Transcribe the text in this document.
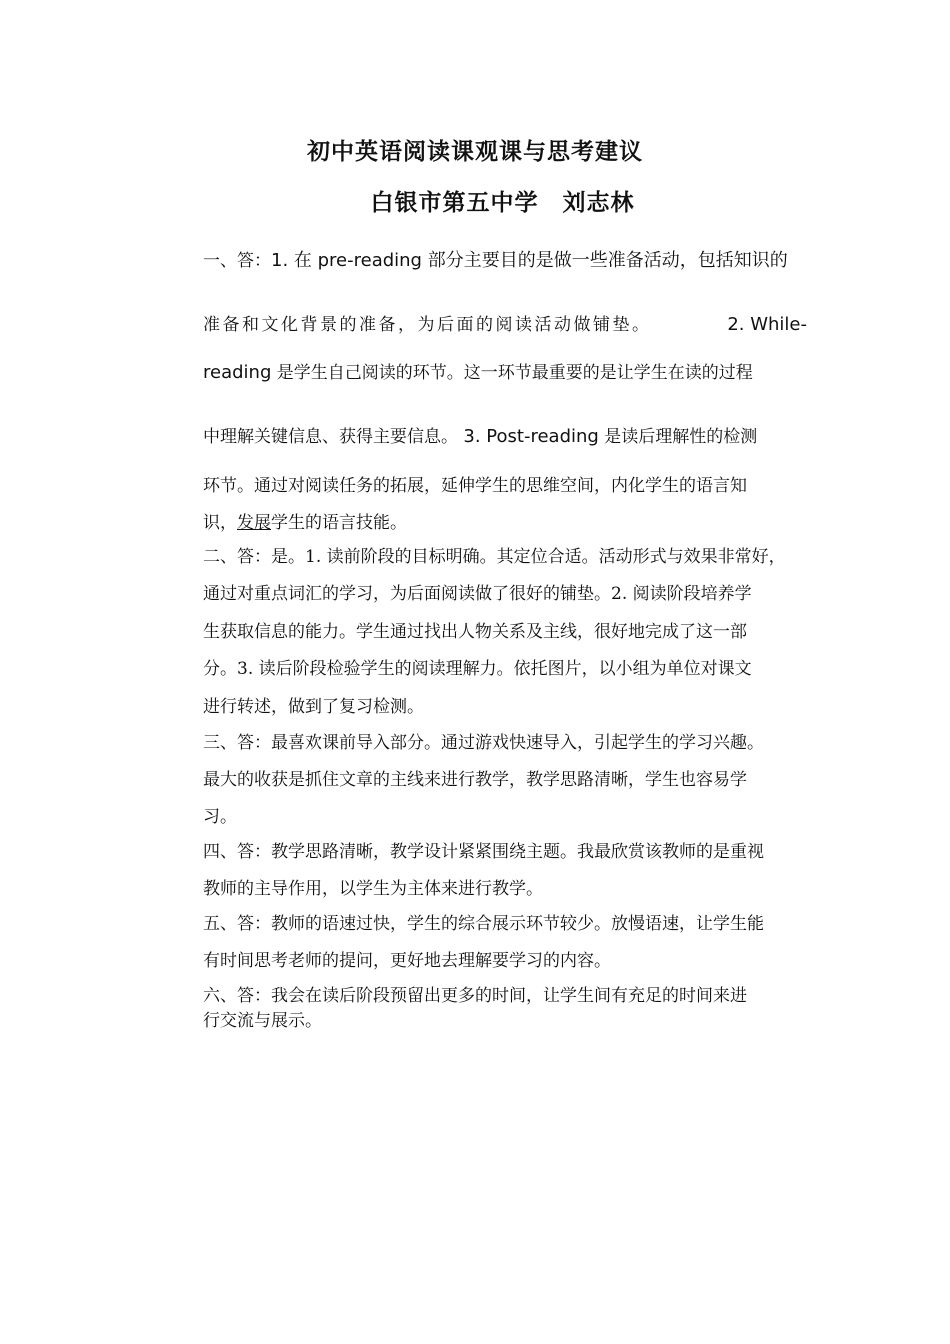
初中英语阅读课观课与思考建议
白银市第五中学　刘志林
一、答：1. 在 pre-reading 部分主要目的是做一些准备活动，包括知识的
准备和文化背景的准备，为后面的阅读活动做铺垫。	2. While-
reading 是学生自己阅读的环节。这一环节最重要的是让学生在读的过程
中理解关键信息、获得主要信息。 3. Post-reading 是读后理解性的检测
环节。通过对阅读任务的拓展，延伸学生的思维空间，内化学生的语言知
识，发展学生的语言技能。
二、答：是。1. 读前阶段的目标明确。其定位合适。活动形式与效果非常好，
通过对重点词汇的学习，为后面阅读做了很好的铺垫。2. 阅读阶段培养学
生获取信息的能力。学生通过找出人物关系及主线，很好地完成了这一部
分。3. 读后阶段检验学生的阅读理解力。依托图片，以小组为单位对课文
进行转述，做到了复习检测。
三、答：最喜欢课前导入部分。通过游戏快速导入，引起学生的学习兴趣。
最大的收获是抓住文章的主线来进行教学，教学思路清晰，学生也容易学
习。
四、答：教学思路清晰，教学设计紧紧围绕主题。我最欣赏该教师的是重视
教师的主导作用，以学生为主体来进行教学。
五、答：教师的语速过快，学生的综合展示环节较少。放慢语速，让学生能
有时间思考老师的提问，更好地去理解要学习的内容。
六、答：我会在读后阶段预留出更多的时间，让学生间有充足的时间来进
行交流与展示。
